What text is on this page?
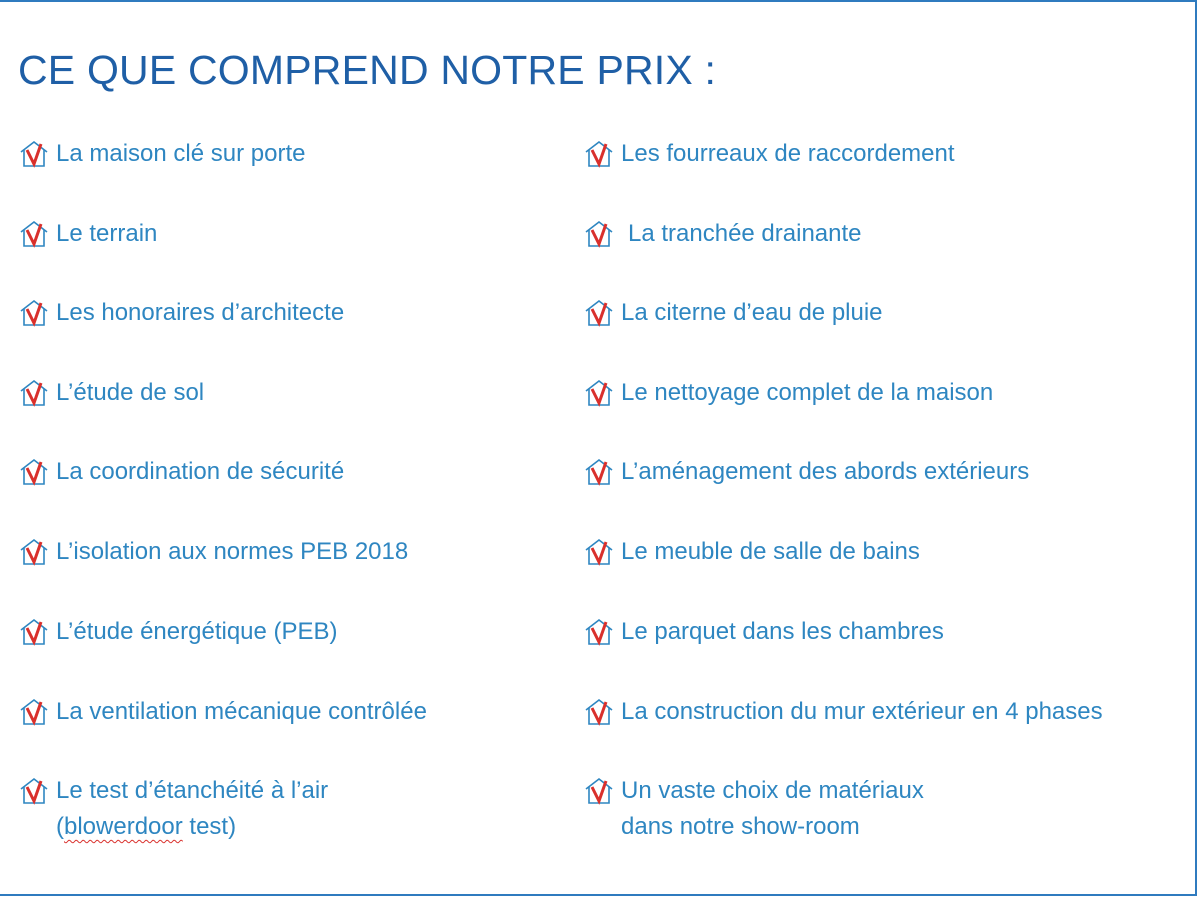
CE QUE COMPREND NOTRE PRIX :
La maison clé sur porte
Le terrain
Les honoraires d’architecte
L’étude de sol
La coordination de sécurité
L’isolation aux normes PEB 2018
L’étude énergétique (PEB)
La ventilation mécanique contrôlée
Le test d’étanchéité à l’air
(blowerdoor test)
Les fourreaux de raccordement
La tranchée drainante
La citerne d’eau de pluie
Le nettoyage complet de la maison
L’aménagement des abords extérieurs
Le meuble de salle de bains
Le parquet dans les chambres
La construction du mur extérieur en 4 phases
Un vaste choix de matériaux
dans notre show-room
